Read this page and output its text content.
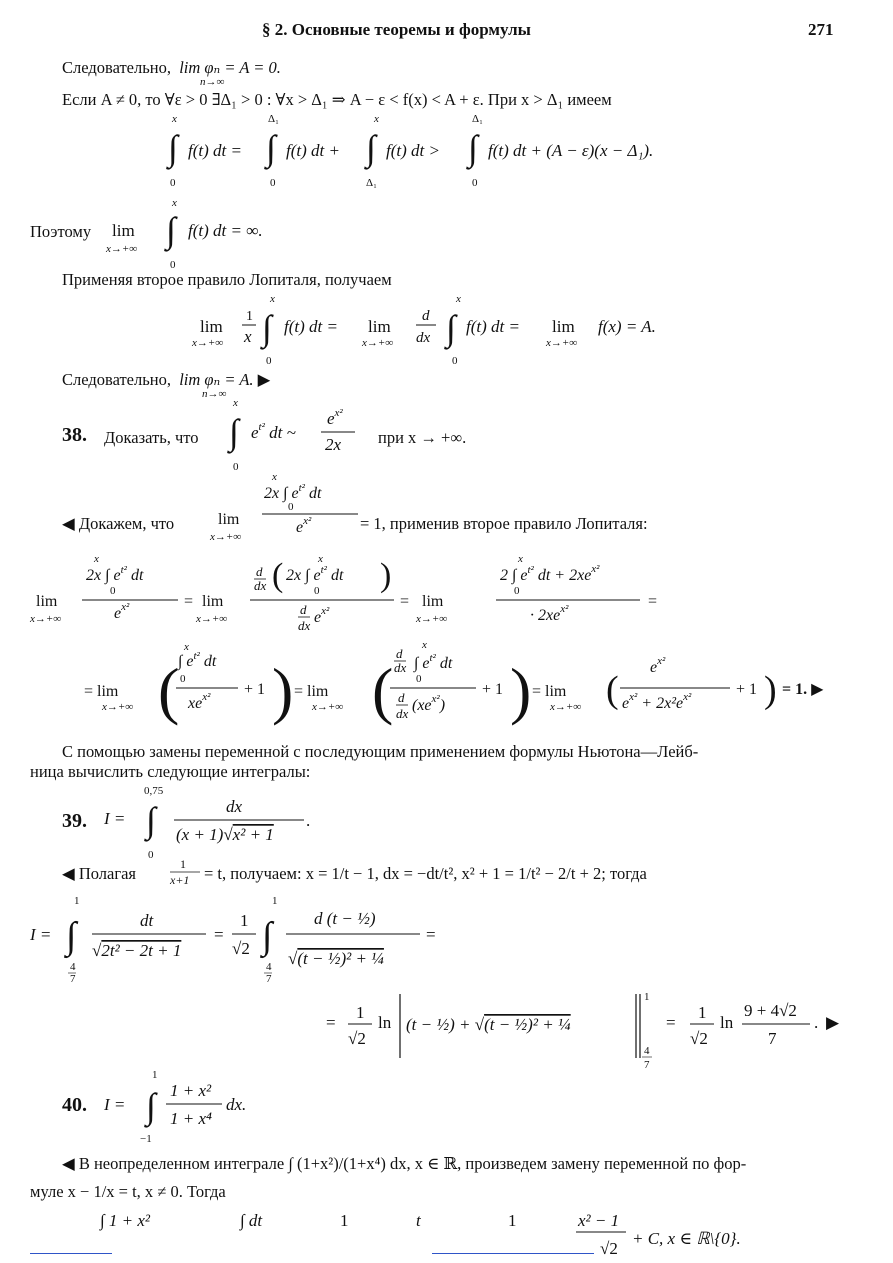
§ 2. Основные теоремы и формулы	271
Следовательно, lim φₙ = A = 0.
n→∞
Если A ≠ 0, то ∀ε > 0 ∃Δ₁ > 0 : ∀x > Δ₁ ⇒ A − ε < f(x) < A + ε. При x > Δ₁ имеем
x
∫
0
f(t) dt =
Δ₁
∫
0
f(t) dt +
x
∫
Δ₁
f(t) dt >
Δ₁
∫
0
f(t) dt + (A − ε)(x − Δ₁).
Поэтому lim
x→+∞
x
∫
0
f(t) dt = ∞.
Применяя второе правило Лопиталя, получаем
lim
x→+∞
1
x
x
∫
0
f(t) dt = lim
x→+∞
d
dx
x
∫
0
f(t) dt = lim
x→+∞
f(x) = A.
Следовательно, lim φₙ = A. ▶
n→∞
38. Доказать, что
x
∫
0
$e^{t^2}$ dt ~
$e^{x^2}$
2x при x → +∞.
x
2x ∫ $e^{t^2}$ dt
0
$e^{x^2}$
lim
x→+∞
◀ Докажем, что	= 1, применив второе правило Лопиталя:
lim
x→+∞
x
2x ∫ $e^{t^2}$ dt
0
$e^{x^2}$	= lim
x→+∞
d
dx (	x
2x ∫ $e^{t^2}$ dt
0 )
d
dx $e^{x^2}$
= lim
x→+∞
x
2 ∫ $e^{t^2}$ dt + $2xe^{x^2}$
0
· $2xe^{x^2}$	=
= lim
x→+∞ (
x
∫ $e^{t^2}$ dt
0
$xe^{x^2} + 1$ ) = lim
x→+∞ (
d
dx
x
∫ $e^{t^2}$ dt
0
d
dx $(xe^{x^2})$
+ 1 ) = lim
x→+∞ (
$e^{x^2}$
$e^{x^2} + 2x^2e^{x^2}$	+ 1 ) = 1. ▶
С помощью замены переменной с последующим применением формулы Ньютона—Лейб-
ница вычислить следующие интегралы:
39. I =
0,75
∫
0
dx
(x + 1)√x² + 1
.
◀ Полагая	1
x+1 = t, получаем: x = 1/t − 1, dx = −dt/t², x² + 1 = 1/t² − 2/t + 2; тогда
I =
1
∫
4
7
dt
√2t² − 2t + 1
=
1
√2
1
∫
4
7
d (t − ½)
√(t − ½)² + ¼
=
=
1
√2
ln (t − ½) + √(t − ½)² + ¼
1
4
7
=
1
√2
ln
9 + 4√2
7
. ▶
40. I =
1
∫
−1
1 + x²
1 + x⁴
dx.
◀ В неопределенном интеграле ∫ (1+x²)/(1+x⁴) dx, x ∈ ℝ, произведем замену переменной по фор-
муле x − 1/x = t, x ≠ 0. Тогда
∫ 1 + x²	∫ dt	1	t	1	x² − 1
√2
+ C, x ∈ ℝ\{0}.
